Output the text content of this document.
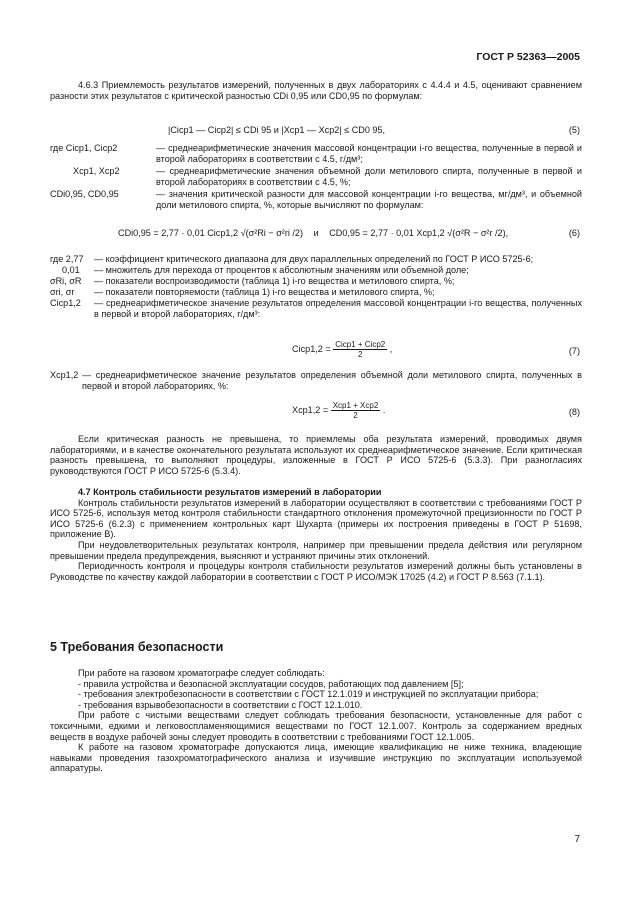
ГОСТ Р 52363—2005

4.6.3 Приемлемость результатов измерений, полученных в двух лабораториях с 4.4.4 и 4.5, оценивают сравнением разности этих результатов с критической разностью CDi 0,95 или CD0,95 по формулам:

|Ciср1 — Ciср2| ≤ CDi 95 и |Xср1 — Xср2| ≤ CD0 95,	(5)
где Ciср1, Ciср2	— среднеарифметические значения массовой концентрации i-го вещества, полученные в первой и второй лабораториях в соответствии с 4.5, г/дм³;
Xср1, Xср2	— среднеарифметические значения объемной доли метилового спирта, полученные в первой и второй лабораториях в соответствии с 4.5, %;
CDi0,95, CD0,95	— значения критической разности для массовой концентрации i-го вещества, мг/дм³, и объемной доли метилового спирта, %, которые вычисляют по формулам:
CDi0,95 = 2,77 · 0,01 Ciср1,2 √(σ²Ri − σ²ri /2) и CD0,95 = 2,77 · 0,01 Xср1,2 √(σ²R − σ²r /2),	(6)
где 2,77 — коэффициент критического диапазона для двух параллельных определений по ГОСТ Р ИСО 5725-6;
0,01 — множитель для перехода от процентов к абсолютным значениям или объемной доле;
σRi, σR — показатели воспроизводимости (таблица 1) i-го вещества и метилового спирта, %;
σri, σr — показатели повторяемости (таблица 1) i-го вещества и метилового спирта, %;
Ciср1,2 — среднеарифметическое значение результатов определения массовой концентрации i-го вещества, полученных в первой и второй лабораториях, г/дм³:
Ciср1,2 = $\frac{\text{Ciср1 + Ciср2}}{2}$ ,	(7)
Xср1,2 — среднеарифметическое значение результатов определения объемной доли метилового спирта, полученных в первой и второй лабораториях, %:
$Xср1,2 = \frac{\text{Xср1 + Xср2}}{2}$ .	(8)

Если критическая разность не превышена, то приемлемы оба результата измерений, проводимых двумя лабораториями, и в качестве окончательного результата используют их среднеарифметическое значение. Если критическая разность превышена, то выполняют процедуры, изложенные в ГОСТ Р ИСО 5725-6 (5.3.3). При разногласиях руководствуются ГОСТ Р ИСО 5725-6 (5.3.4).

4.7 Контроль стабильности результатов измерений в лаборатории

Контроль стабильности результатов измерений в лаборатории осуществляют в соответствии с требованиями ГОСТ Р ИСО 5725-6, используя метод контроля стабильности стандартного отклонения промежуточной прецизионности по ГОСТ Р ИСО 5725-6 (6.2.3) с применением контрольных карт Шухарта (примеры их построения приведены в ГОСТ Р 51698, приложение В).

При неудовлетворительных результатах контроля, например при превышении предела действия или регулярном превышении предела предупреждения, выясняют и устраняют причины этих отклонений.

Периодичность контроля и процедуры контроля стабильности результатов измерений должны быть установлены в Руководстве по качеству каждой лаборатории в соответствии с ГОСТ Р ИСО/МЭК 17025 (4.2) и ГОСТ Р 8.563 (7.1.1).

5 Требования безопасности

При работе на газовом хроматографе следует соблюдать:

- правила устройства и безопасной эксплуатации сосудов, работающих под давлением [5];

- требования электробезопасности в соответствии с ГОСТ 12.1.019 и инструкцией по эксплуатации прибора;

- требования взрывобезопасности в соответствии с ГОСТ 12.1.010.

При работе с чистыми веществами следует соблюдать требования безопасности, установленные для работ с токсичными, едкими и легковоспламеняющимися веществами по ГОСТ 12.1.007. Контроль за содержанием вредных веществ в воздухе рабочей зоны следует проводить в соответствии с требованиями ГОСТ 12.1.005.

К работе на газовом хроматографе допускаются лица, имеющие квалификацию не ниже техника, владеющие навыками проведения газохроматографического анализа и изучившие инструкцию по эксплуатации используемой аппаратуры.

7
